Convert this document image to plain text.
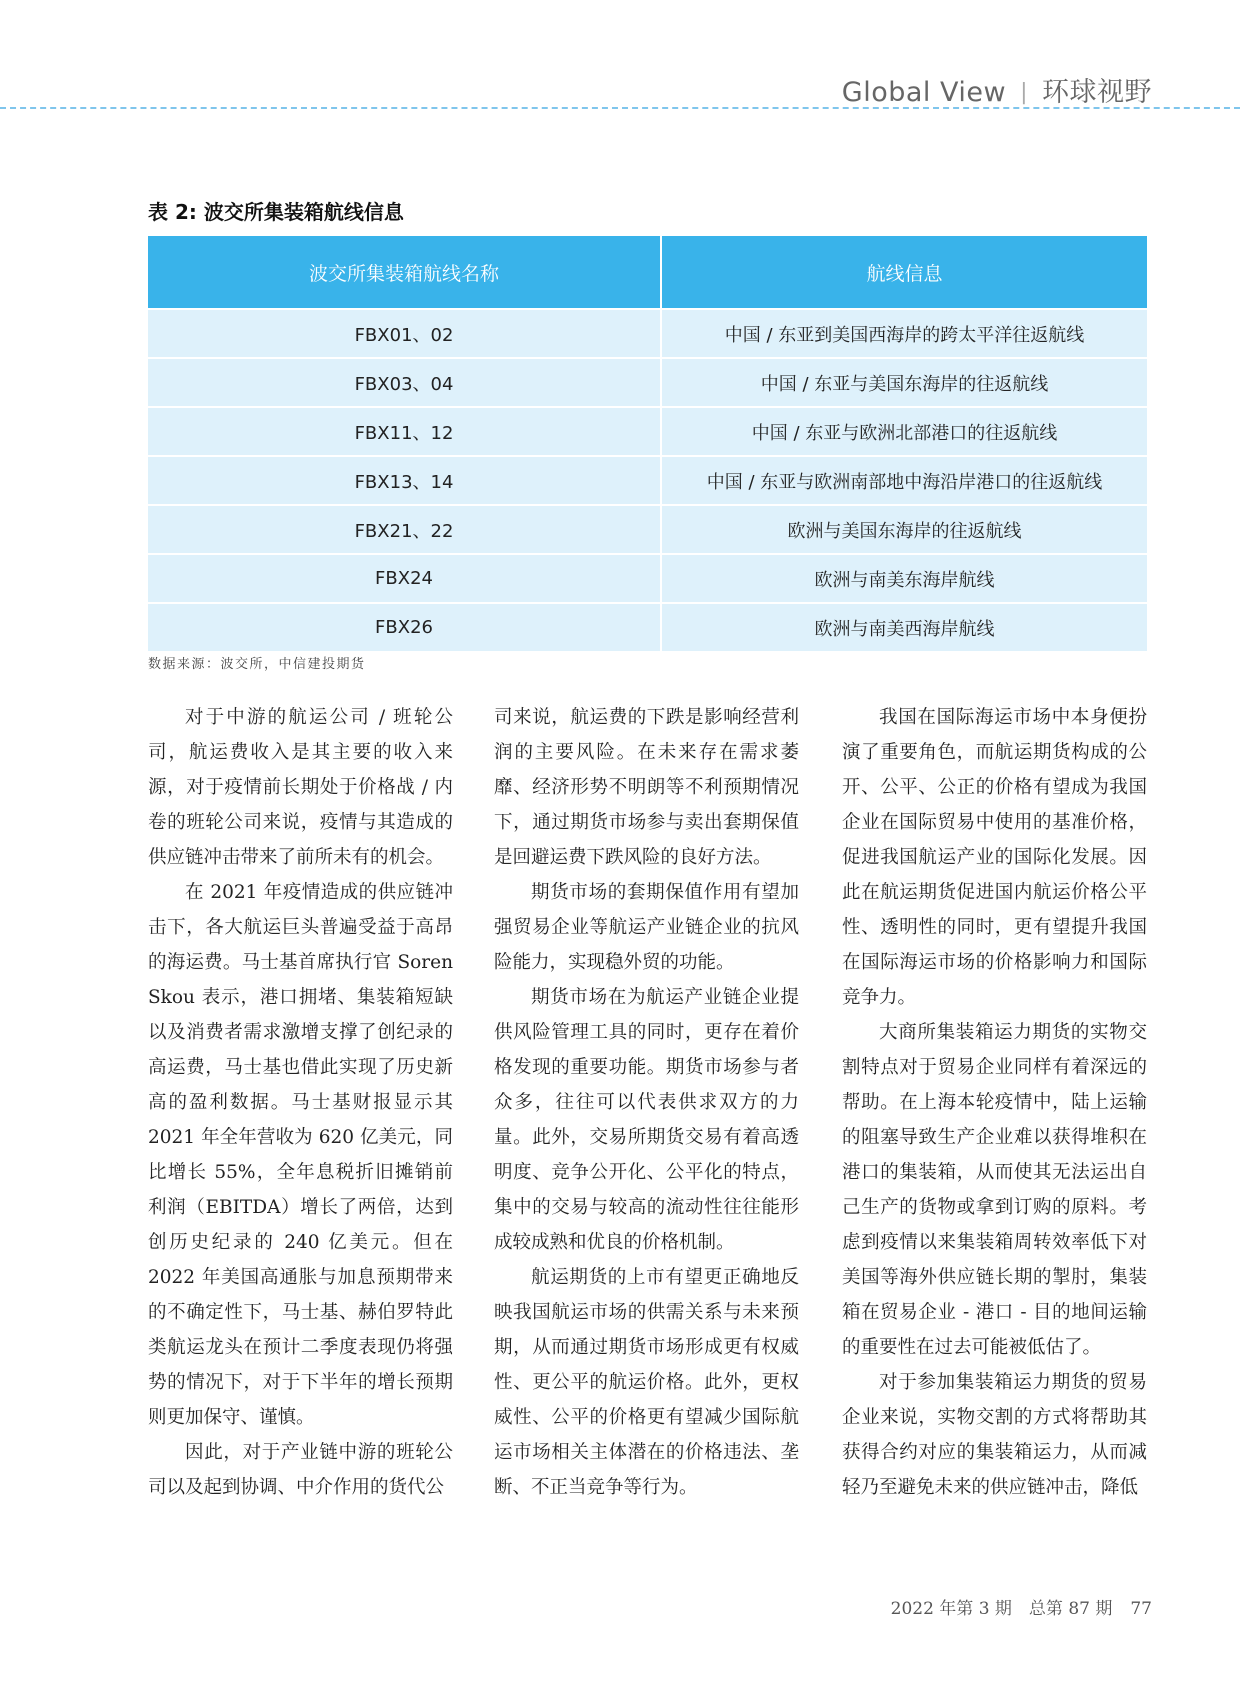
Global View | 环球视野
表 2: 波交所集装箱航线信息
波交所集装箱航线名称	航线信息
FBX01、02	中国 / 东亚到美国西海岸的跨太平洋往返航线
FBX03、04	中国 / 东亚与美国东海岸的往返航线
FBX11、12	中国 / 东亚与欧洲北部港口的往返航线
FBX13、14	中国 / 东亚与欧洲南部地中海沿岸港口的往返航线
FBX21、22	欧洲与美国东海岸的往返航线
FBX24	欧洲与南美东海岸航线
FBX26	欧洲与南美西海岸航线
数据来源：波交所，中信建投期货

对于中游的航运公司 / 班轮公司，航运费收入是其主要的收入来源，对于疫情前长期处于价格战 / 内卷的班轮公司来说，疫情与其造成的供应链冲击带来了前所未有的机会。

在 2021 年疫情造成的供应链冲击下，各大航运巨头普遍受益于高昂的海运费。马士基首席执行官 Soren Skou 表示，港口拥堵、集装箱短缺以及消费者需求激增支撑了创纪录的高运费，马士基也借此实现了历史新高的盈利数据。马士基财报显示其 2021 年全年营收为 620 亿美元，同比增长 55%，全年息税折旧摊销前利润（EBITDA）增长了两倍，达到创历史纪录的 240 亿美元。但在 2022 年美国高通胀与加息预期带来的不确定性下，马士基、赫伯罗特此类航运龙头在预计二季度表现仍将强势的情况下，对于下半年的增长预期则更加保守、谨慎。

因此，对于产业链中游的班轮公司以及起到协调、中介作用的货代公

司来说，航运费的下跌是影响经营利润的主要风险。在未来存在需求萎靡、经济形势不明朗等不利预期情况下，通过期货市场参与卖出套期保值是回避运费下跌风险的良好方法。

期货市场的套期保值作用有望加强贸易企业等航运产业链企业的抗风险能力，实现稳外贸的功能。

期货市场在为航运产业链企业提供风险管理工具的同时，更存在着价格发现的重要功能。期货市场参与者众多，往往可以代表供求双方的力量。此外，交易所期货交易有着高透明度、竞争公开化、公平化的特点，集中的交易与较高的流动性往往能形成较成熟和优良的价格机制。

航运期货的上市有望更正确地反映我国航运市场的供需关系与未来预期，从而通过期货市场形成更有权威性、更公平的航运价格。此外，更权威性、公平的价格更有望减少国际航运市场相关主体潜在的价格违法、垄断、不正当竞争等行为。

我国在国际海运市场中本身便扮演了重要角色，而航运期货构成的公开、公平、公正的价格有望成为我国企业在国际贸易中使用的基准价格，促进我国航运产业的国际化发展。因此在航运期货促进国内航运价格公平性、透明性的同时，更有望提升我国在国际海运市场的价格影响力和国际竞争力。

大商所集装箱运力期货的实物交割特点对于贸易企业同样有着深远的帮助。在上海本轮疫情中，陆上运输的阻塞导致生产企业难以获得堆积在港口的集装箱，从而使其无法运出自己生产的货物或拿到订购的原料。考虑到疫情以来集装箱周转效率低下对美国等海外供应链长期的掣肘，集装箱在贸易企业 - 港口 - 目的地间运输的重要性在过去可能被低估了。

对于参加集装箱运力期货的贸易企业来说，实物交割的方式将帮助其获得合约对应的集装箱运力，从而减轻乃至避免未来的供应链冲击，降低

2022 年第 3 期　总第 87 期 77
